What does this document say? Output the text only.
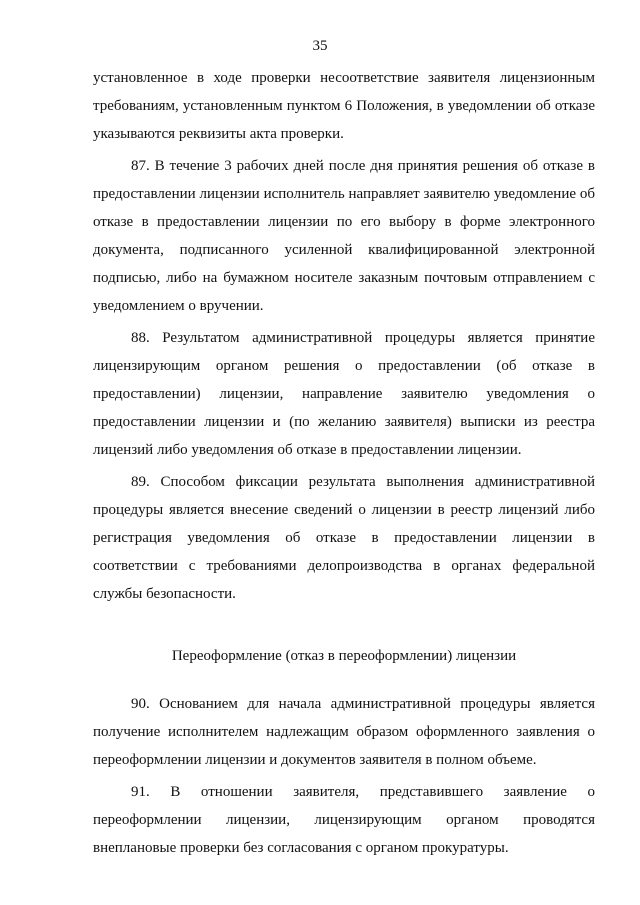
35

установленное в ходе проверки несоответствие заявителя лицензионным требованиям, установленным пунктом 6 Положения, в уведомлении об отказе указываются реквизиты акта проверки.

87. В течение 3 рабочих дней после дня принятия решения об отказе в предоставлении лицензии исполнитель направляет заявителю уведомление об отказе в предоставлении лицензии по его выбору в форме электронного документа, подписанного усиленной квалифицированной электронной подписью, либо на бумажном носителе заказным почтовым отправлением с уведомлением о вручении.

88. Результатом административной процедуры является принятие лицензирующим органом решения о предоставлении (об отказе в предоставлении) лицензии, направление заявителю уведомления о предоставлении лицензии и (по желанию заявителя) выписки из реестра лицензий либо уведомления об отказе в предоставлении лицензии.

89. Способом фиксации результата выполнения административной процедуры является внесение сведений о лицензии в реестр лицензий либо регистрация уведомления об отказе в предоставлении лицензии в соответствии с требованиями делопроизводства в органах федеральной службы безопасности.

Переоформление (отказ в переоформлении) лицензии

90. Основанием для начала административной процедуры является получение исполнителем надлежащим образом оформленного заявления о переоформлении лицензии и документов заявителя в полном объеме.

91. В отношении заявителя, представившего заявление о переоформлении лицензии, лицензирующим органом проводятся внеплановые проверки без согласования с органом прокуратуры.
